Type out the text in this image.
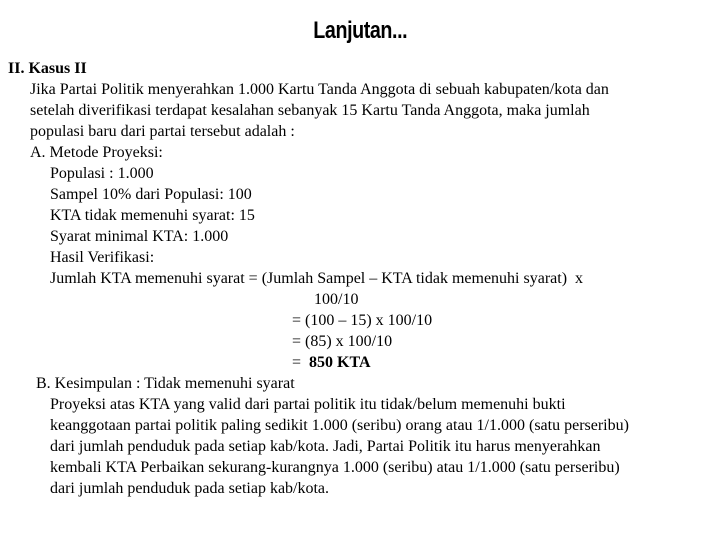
Lanjutan...
II. Kasus II
Jika Partai Politik menyerahkan 1.000 Kartu Tanda Anggota di sebuah kabupaten/kota dan
setelah diverifikasi terdapat kesalahan sebanyak 15 Kartu Tanda Anggota, maka jumlah
populasi baru dari partai tersebut adalah :
A. Metode Proyeksi:
Populasi : 1.000
Sampel 10% dari Populasi: 100
KTA tidak memenuhi syarat: 15
Syarat minimal KTA: 1.000
Hasil Verifikasi:
Jumlah KTA memenuhi syarat = (Jumlah Sampel – KTA tidak memenuhi syarat)  x
100/10
= (100 – 15) x 100/10
= (85) x 100/10
=  850 KTA
B. Kesimpulan : Tidak memenuhi syarat
Proyeksi atas KTA yang valid dari partai politik itu tidak/belum memenuhi bukti
keanggotaan partai politik paling sedikit 1.000 (seribu) orang atau 1/1.000 (satu perseribu)
dari jumlah penduduk pada setiap kab/kota. Jadi, Partai Politik itu harus menyerahkan
kembali KTA Perbaikan sekurang-kurangnya 1.000 (seribu) atau 1/1.000 (satu perseribu)
dari jumlah penduduk pada setiap kab/kota.
